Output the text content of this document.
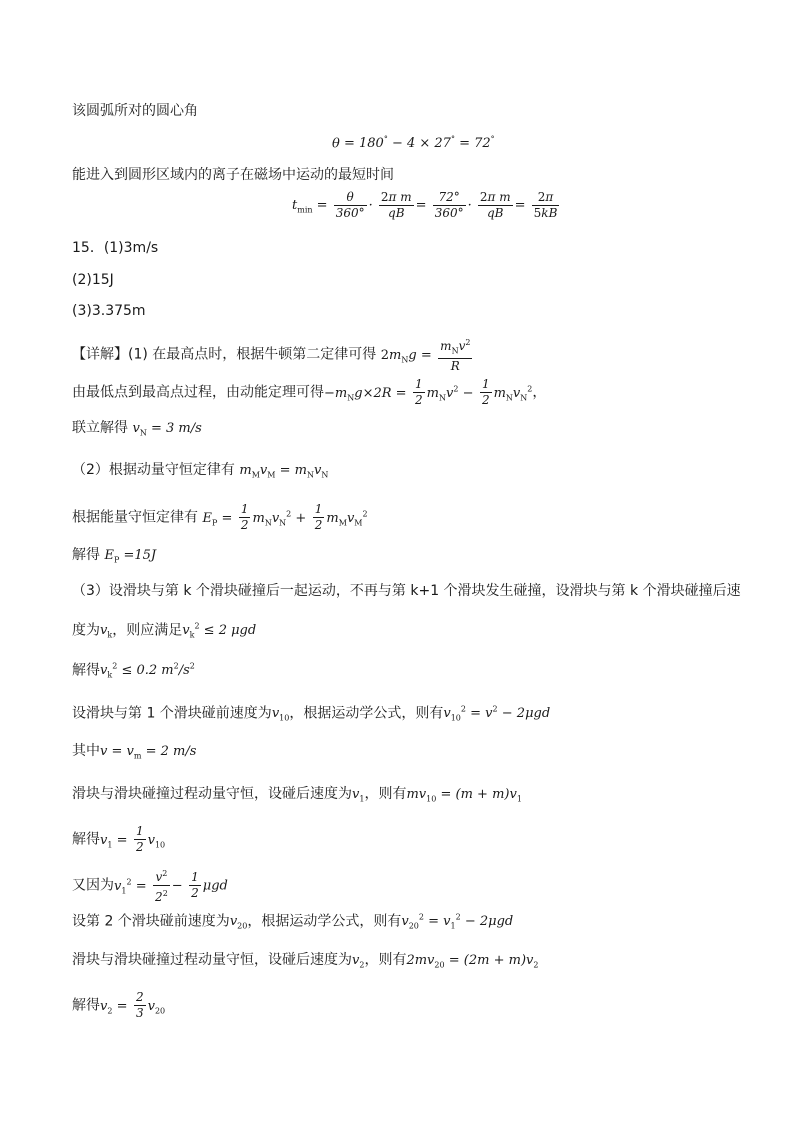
该圆弧所对的圆心角
θ = 180° − 4 × 27° = 72°
能进入到圆形区域内的离子在磁场中运动的最短时间
$t_{min} = \frac{\theta}{360^\circ} \cdot \frac{\text{2π m}}{qB} = \frac{72^\circ}{360^\circ} \cdot \frac{\text{2π m}}{qB} = \frac{2\pi}{5kB}$
15．(1)3m/s
(2)15J
(3)3.375m
【详解】(1) 在最高点时，根据牛顿第二定律可得 $2m_Ng = \frac{m_Nv^2}{R}$
由最低点到最高点过程，由动能定理可得$-m_Ng\times 2R = \frac{1}{2} m_Nv^2 - \frac{1}{2} m_Nv_N^2$，
联立解得 $v_N = 3$ m/s
（2）根据动量守恒定律有 $m_Mv_M = m_Nv_N$
根据能量守恒定律有 $E_P = \frac{1}{2} m_Nv_N^2 + \frac{1}{2} m_Mv_M^2$
解得 $E_P =15J$
（3）设滑块与第 k 个滑块碰撞后一起运动，不再与第 k+1 个滑块发生碰撞，设滑块与第 k 个滑块碰撞后速
度为$v_k$，则应满足$v_k^2 \le 2$ μgd
解得$v_k^2 \le 0.2$ $m^2/s^2$
设滑块与第 1 个滑块碰前速度为$v_{10}$，根据运动学公式，则有$v_{10}^2 = v^2 - 2\mu gd$
其中$v = v_m = 2$ m/s
滑块与滑块碰撞过程动量守恒，设碰后速度为$v_1$，则有$mv_{10} = (m + m)v_1$
解得$v_1 = \frac{1}{2} v_{10}$
又因为$v_1^2 = \frac{v^2}{2^2} - \frac{1}{2}$ μgd
设第 2 个滑块碰前速度为$v_{20}$，根据运动学公式，则有$v_{20}^2 = v_1^2 - 2\mu gd$
滑块与滑块碰撞过程动量守恒，设碰后速度为$v_2$，则有$2mv_{20} = (2m + m)v_2$
解得$v_2 = \frac{2}{3} v_{20}$
